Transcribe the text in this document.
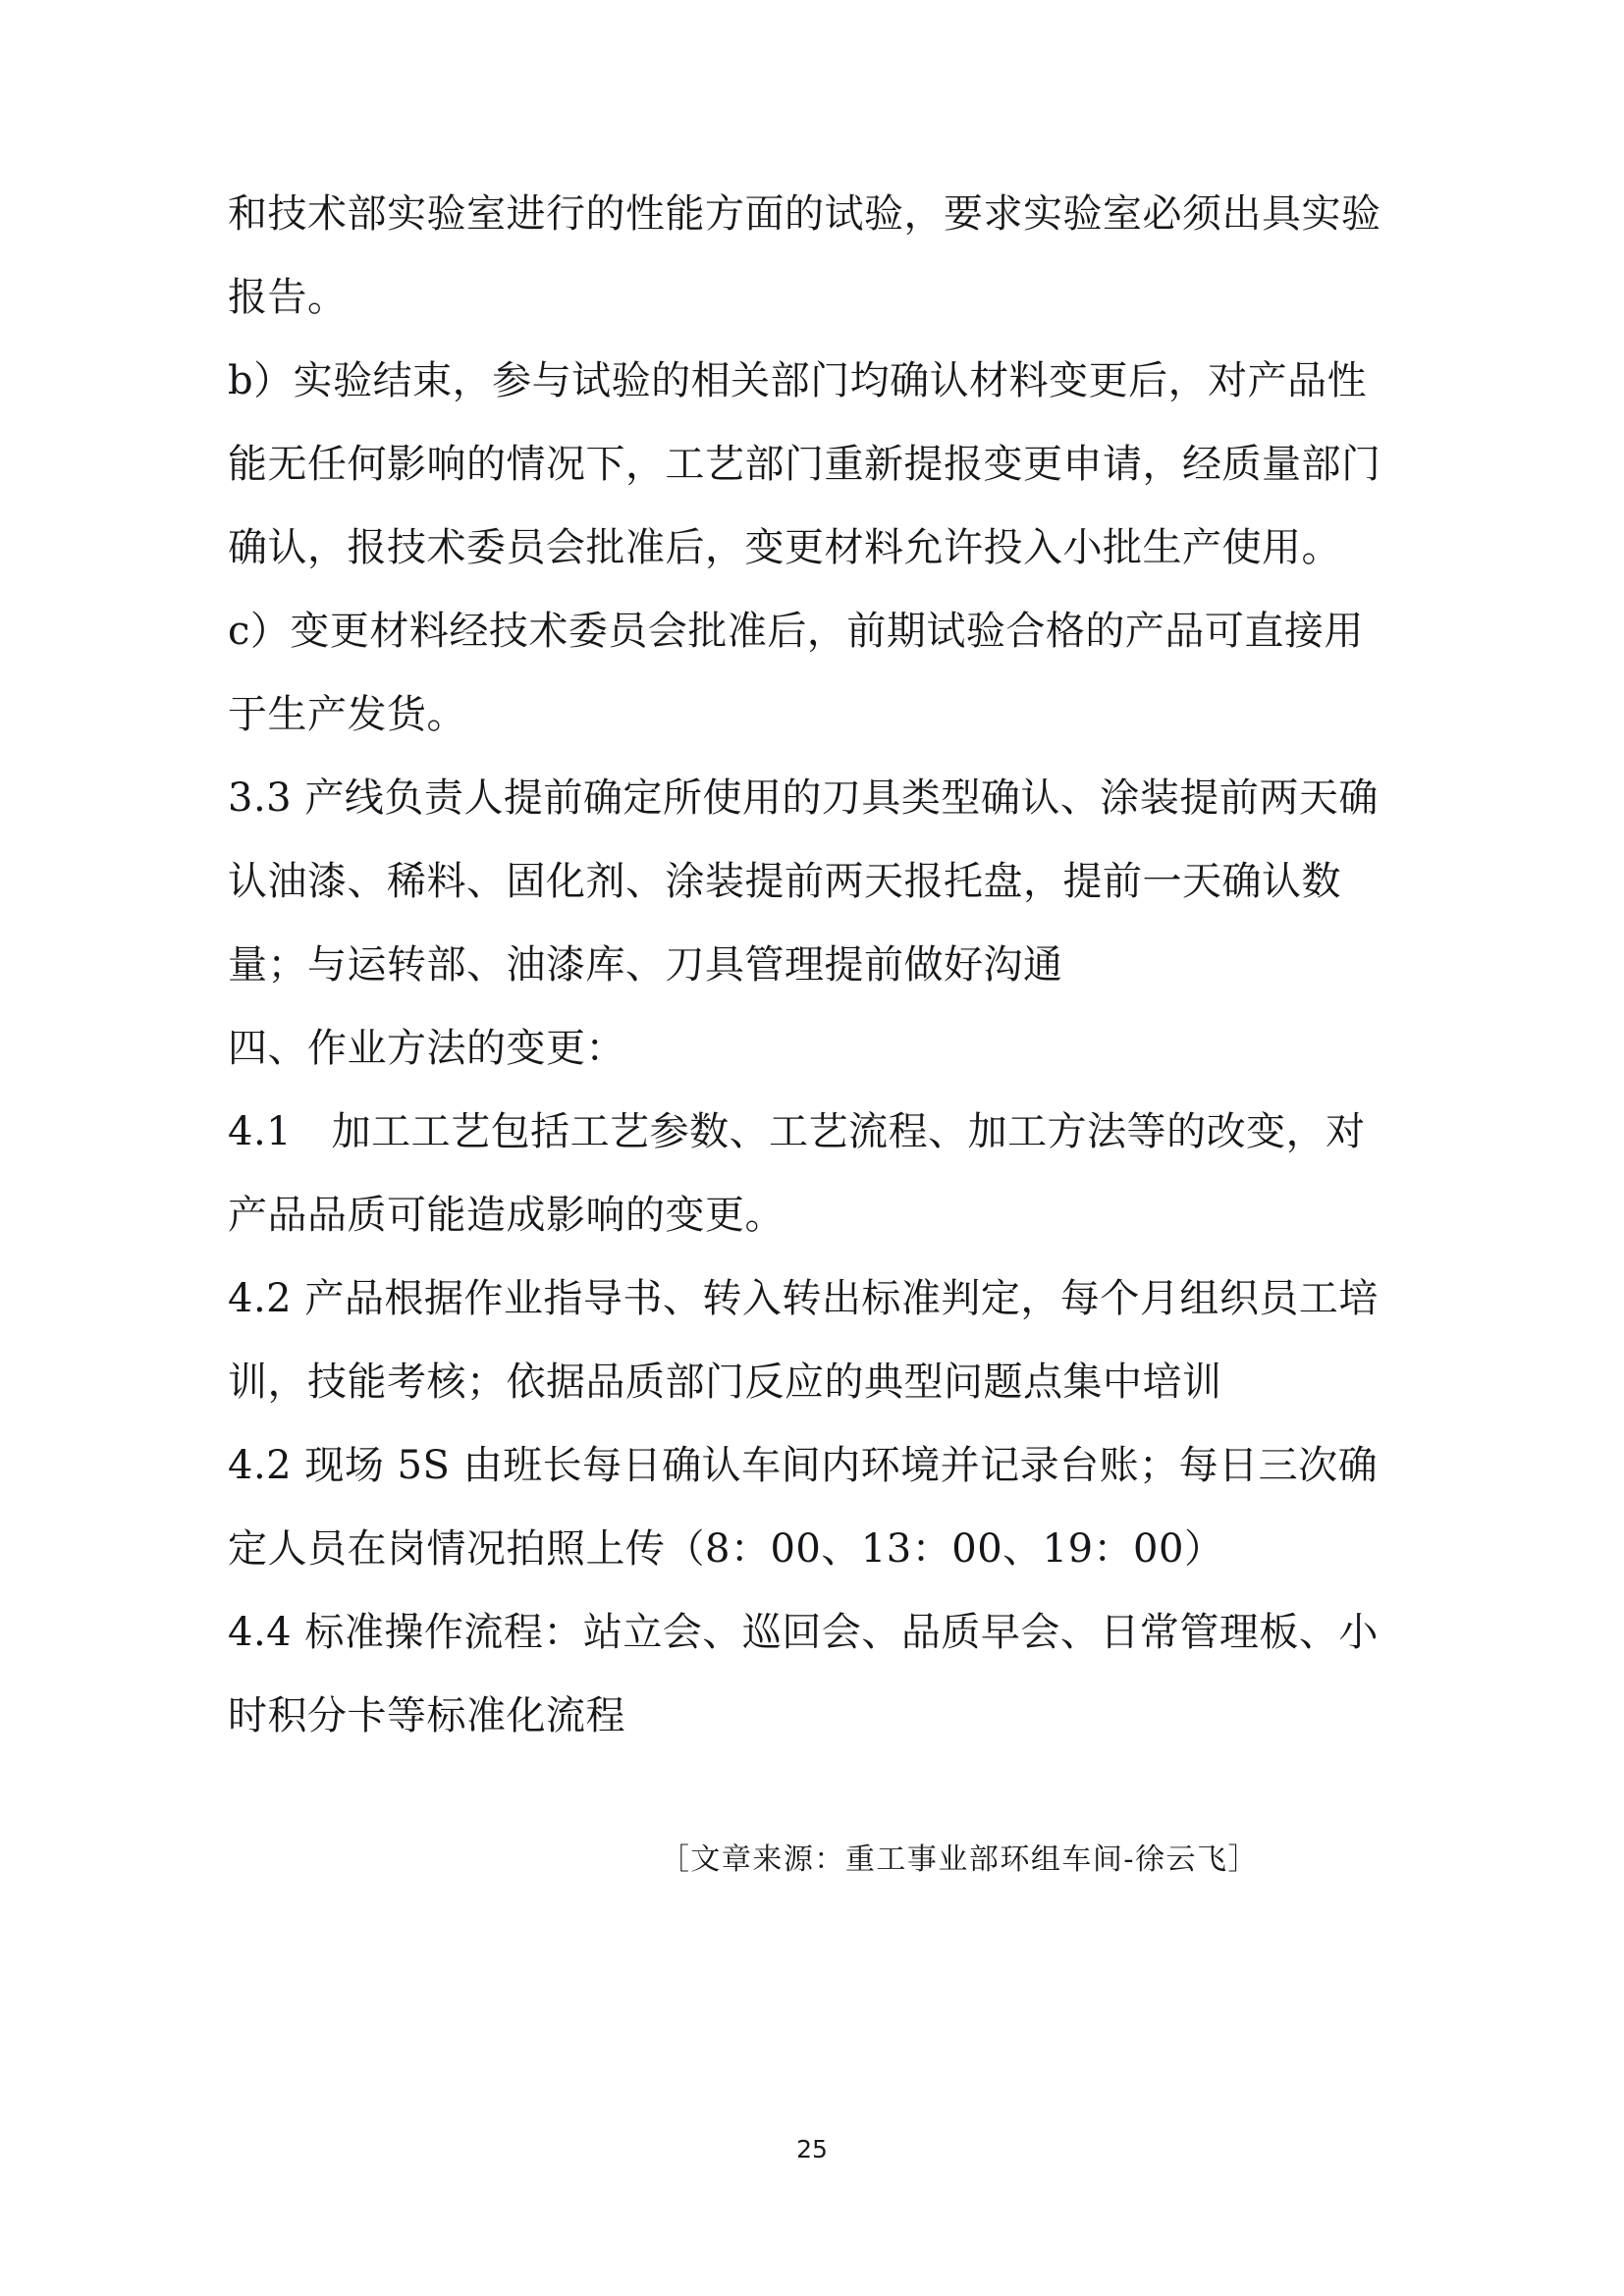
和技术部实验室进行的性能方面的试验，要求实验室必须出具实验报告。

b）实验结束，参与试验的相关部门均确认材料变更后，对产品性能无任何影响的情况下，工艺部门重新提报变更申请，经质量部门确认，报技术委员会批准后，变更材料允许投入小批生产使用。

c）变更材料经技术委员会批准后，前期试验合格的产品可直接用于生产发货。

3.3 产线负责人提前确定所使用的刀具类型确认、涂装提前两天确认油漆、稀料、固化剂、涂装提前两天报托盘，提前一天确认数量；与运转部、油漆库、刀具管理提前做好沟通

四、作业方法的变更：

4.1　加工工艺包括工艺参数、工艺流程、加工方法等的改变，对产品品质可能造成影响的变更。

4.2 产品根据作业指导书、转入转出标准判定，每个月组织员工培训，技能考核；依据品质部门反应的典型问题点集中培训

4.2 现场 5S 由班长每日确认车间内环境并记录台账；每日三次确定人员在岗情况拍照上传（8：00、13：00、19：00）

4.4 标准操作流程：站立会、巡回会、品质早会、日常管理板、小时积分卡等标准化流程

［文章来源：重工事业部环组车间-徐云飞］
25
